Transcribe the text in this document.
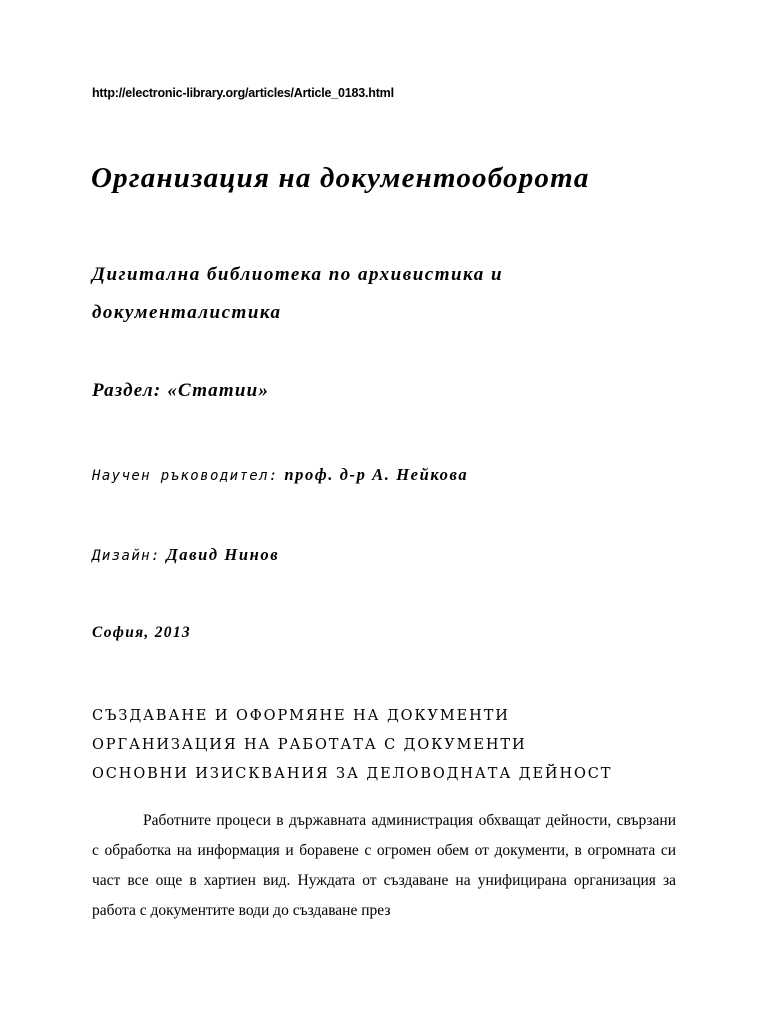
http://electronic-library.org/articles/Article_0183.html
Организация на документооборота
Дигитална библиотека по архивистика и документалистика
Раздел: «Статии»
Научен ръководител: проф. д-р А. Нейкова
Дизайн: Давид Нинов
София, 2013
СЪЗДАВАНЕ И ОФОРМЯНЕ НА ДОКУМЕНТИ
ОРГАНИЗАЦИЯ НА РАБОТАТА С ДОКУМЕНТИ
ОСНОВНИ ИЗИСКВАНИЯ ЗА ДЕЛОВОДНАТА ДЕЙНОСТ
Работните процеси в държавната администрация обхващат дейности, свързани с обработка на информация и боравене с огромен обем от документи, в огромната си част все още в хартиен вид. Нуждата от създаване на унифицирана организация за работа с документите води до създаване през
